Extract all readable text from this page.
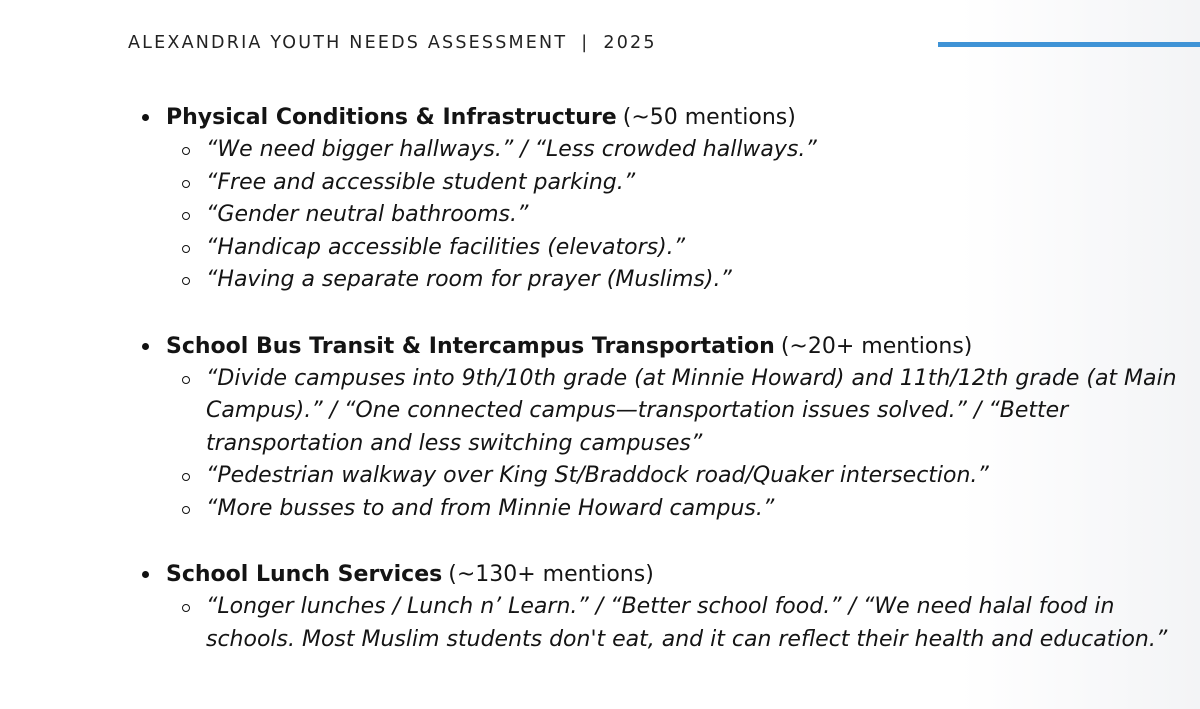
ALEXANDRIA YOUTH NEEDS ASSESSMENT | 2025
Physical Conditions & Infrastructure (~50 mentions)
“We need bigger hallways.” / “Less crowded hallways.”
“Free and accessible student parking.”
“Gender neutral bathrooms.”
“Handicap accessible facilities (elevators).”
“Having a separate room for prayer (Muslims).”
School Bus Transit & Intercampus Transportation (~20+ mentions)
“Divide campuses into 9th/10th grade (at Minnie Howard) and 11th/12th grade (at Main Campus).” / “One connected campus—transportation issues solved.” / “Better transportation and less switching campuses”
“Pedestrian walkway over King St/Braddock road/Quaker intersection.”
“More busses to and from Minnie Howard campus.”
School Lunch Services (~130+ mentions)
“Longer lunches / Lunch n’ Learn.” / “Better school food.” / “We need halal food in schools. Most Muslim students don't eat, and it can reflect their health and education.”
